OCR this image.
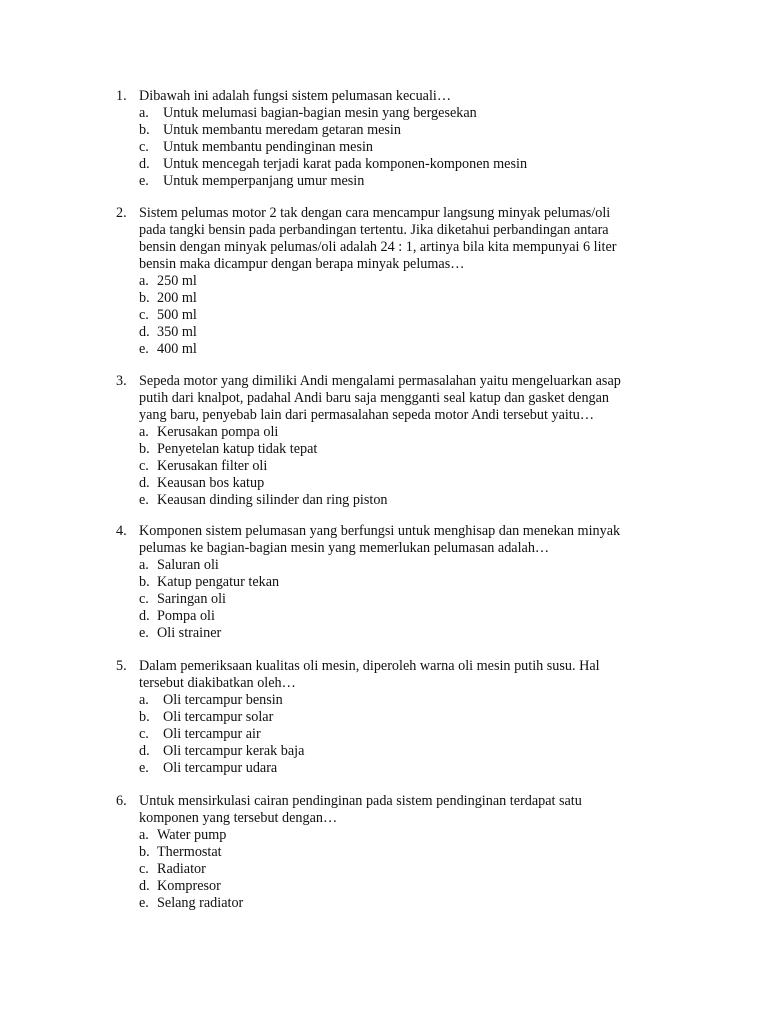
1. Dibawah ini adalah fungsi sistem pelumasan kecuali…
a. Untuk melumasi bagian-bagian mesin yang bergesekan
b. Untuk membantu meredam getaran mesin
c. Untuk membantu pendinginan mesin
d. Untuk mencegah terjadi karat pada komponen-komponen mesin
e. Untuk memperpanjang umur mesin
2. Sistem pelumas motor 2 tak dengan cara mencampur langsung minyak pelumas/oli
pada tangki bensin pada perbandingan tertentu. Jika diketahui perbandingan antara
bensin dengan minyak pelumas/oli adalah 24 : 1, artinya bila kita mempunyai 6 liter
bensin maka dicampur dengan berapa minyak pelumas…
a. 250 ml
b. 200 ml
c. 500 ml
d. 350 ml
e. 400 ml
3. Sepeda motor yang dimiliki Andi mengalami permasalahan yaitu mengeluarkan asap
putih dari knalpot, padahal Andi baru saja mengganti seal katup dan gasket dengan
yang baru, penyebab lain dari permasalahan sepeda motor Andi tersebut yaitu…
a. Kerusakan pompa oli
b. Penyetelan katup tidak tepat
c. Kerusakan filter oli
d. Keausan bos katup
e. Keausan dinding silinder dan ring piston
4. Komponen sistem pelumasan yang berfungsi untuk menghisap dan menekan minyak
pelumas ke bagian-bagian mesin yang memerlukan pelumasan adalah…
a. Saluran oli
b. Katup pengatur tekan
c. Saringan oli
d. Pompa oli
e. Oli strainer
5. Dalam pemeriksaan kualitas oli mesin, diperoleh warna oli mesin putih susu. Hal
tersebut diakibatkan oleh…
a. Oli tercampur bensin
b. Oli tercampur solar
c. Oli tercampur air
d. Oli tercampur kerak baja
e. Oli tercampur udara
6. Untuk mensirkulasi cairan pendinginan pada sistem pendinginan terdapat satu
komponen yang tersebut dengan…
a. Water pump
b. Thermostat
c. Radiator
d. Kompresor
e. Selang radiator
